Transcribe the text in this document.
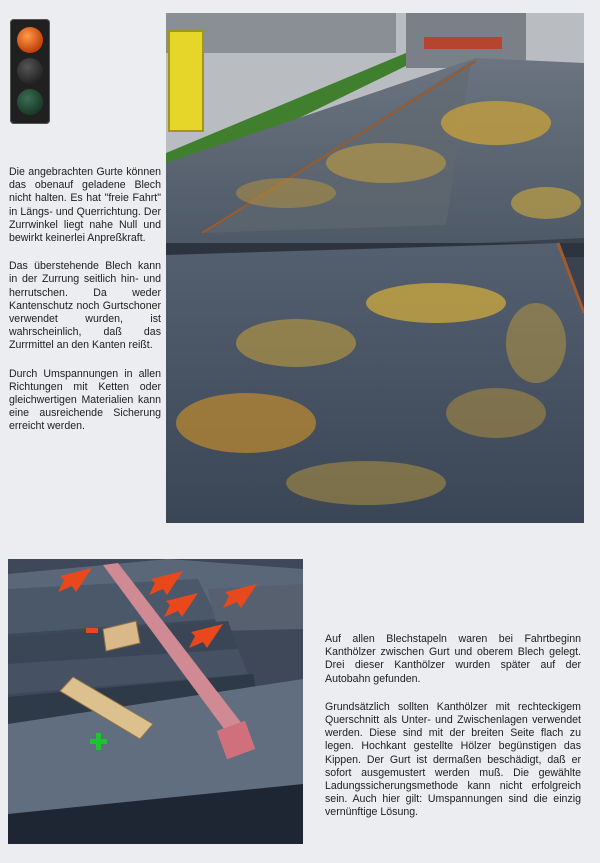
Die angebrachten Gurte können das obenauf geladene Blech nicht halten. Es hat "freie Fahrt" in Längs- und Querrichtung. Der Zurrwinkel liegt nahe Null und bewirkt keinerlei Anpreßkraft.

Das überstehende Blech kann in der Zurrung seitlich hin- und herrutschen. Da weder Kantenschutz noch Gurtschoner verwendet wurden, ist wahrscheinlich, daß das Zurrmittel an den Kanten reißt.

Durch Umspannungen in allen Richtungen mit Ketten oder gleichwertigen Materialien kann eine ausreichende Sicherung erreicht werden.

Auf allen Blechstapeln waren bei Fahrtbeginn Kanthölzer zwischen Gurt und oberem Blech gelegt. Drei dieser Kanthölzer wurden später auf der Autobahn gefunden.

Grundsätzlich sollten Kanthölzer mit rechteckigem Querschnitt als Unter- und Zwischenlagen verwendet werden. Diese sind mit der breiten Seite flach zu legen. Hochkant gestellte Hölzer begünstigen das Kippen. Der Gurt ist dermaßen beschädigt, daß er sofort ausgemustert werden muß. Die gewählte Ladungssicherungsmethode kann nicht erfolgreich sein. Auch hier gilt: Umspannungen sind die einzig vernünftige Lösung.
